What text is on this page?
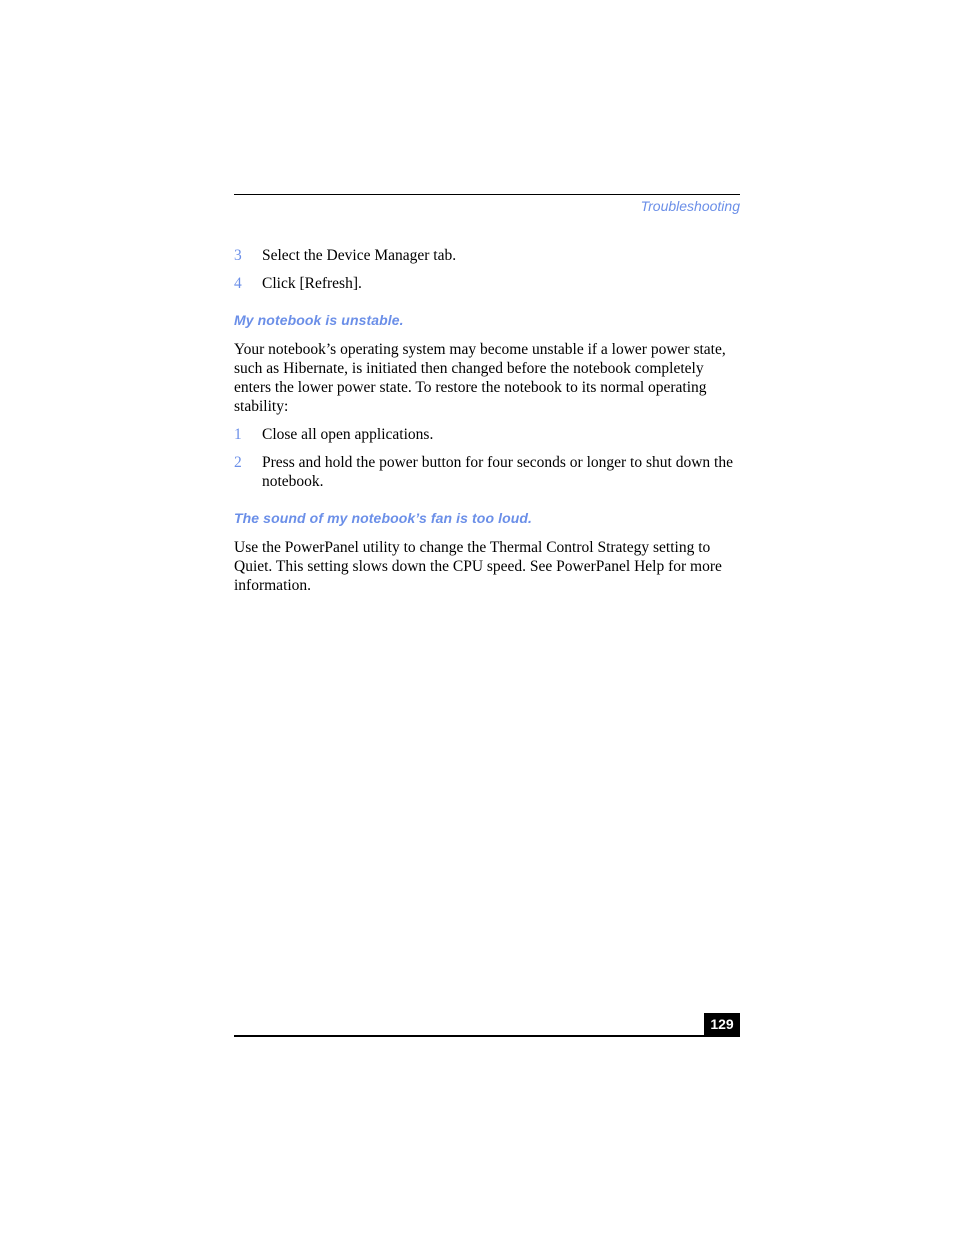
Troubleshooting
3 Select the Device Manager tab.
4 Click [Refresh].
My notebook is unstable.

Your notebook’s operating system may become unstable if a lower power state, such as Hibernate, is initiated then changed before the notebook completely enters the lower power state. To restore the notebook to its normal operating stability:

1 Close all open applications.
2 Press and hold the power button for four seconds or longer to shut down the notebook.
The sound of my notebook’s fan is too loud.

Use the PowerPanel utility to change the Thermal Control Strategy setting to Quiet. This setting slows down the CPU speed. See PowerPanel Help for more information.

129
